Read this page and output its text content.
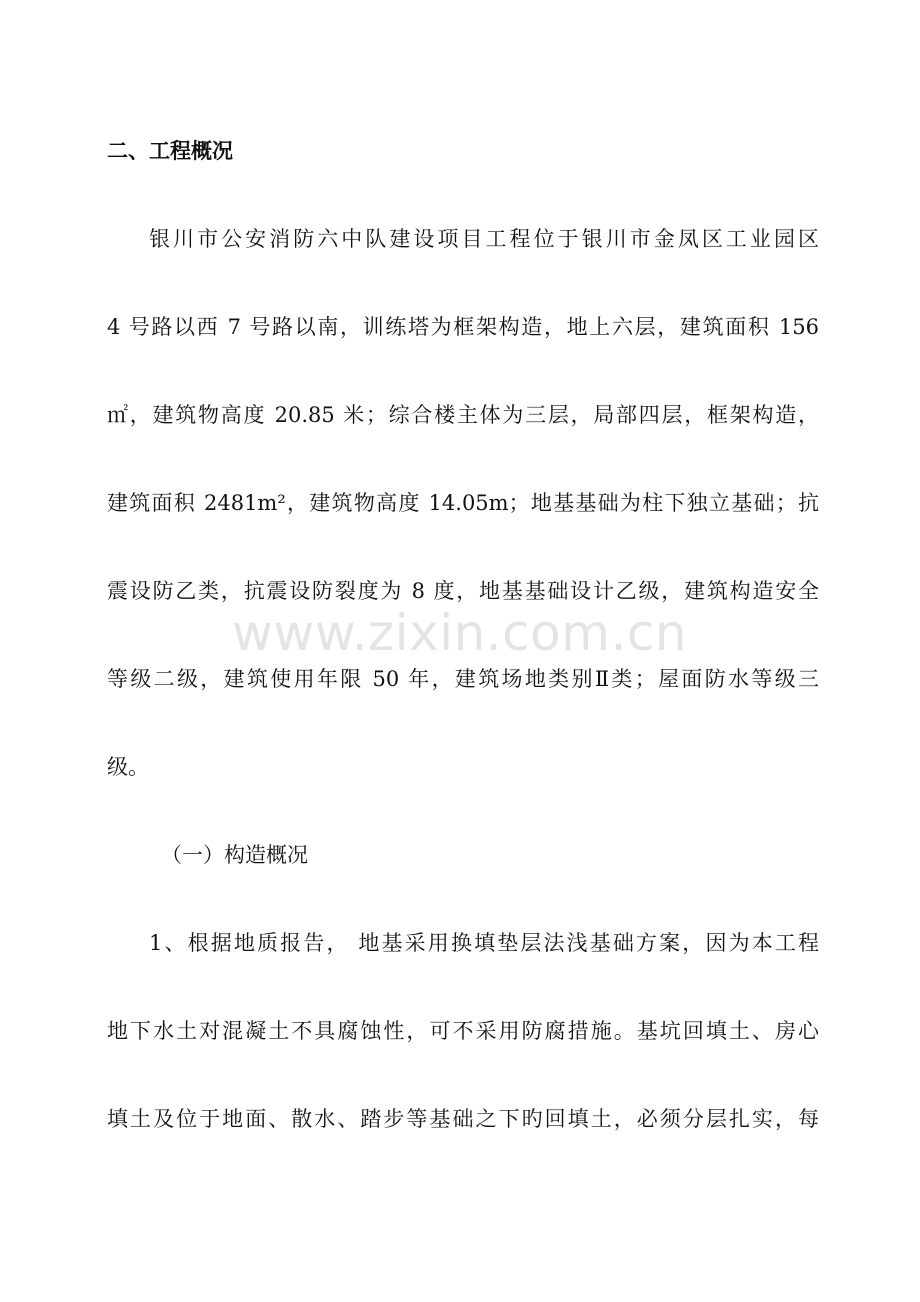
二、工程概况

银川市公安消防六中队建设项目工程位于银川市金凤区工业园区

4 号路以西 7 号路以南，训练塔为框架构造，地上六层，建筑面积 156

㎡，建筑物高度 20.85 米；综合楼主体为三层，局部四层，框架构造，

建筑面积 2481m²，建筑物高度 14.05m；地基基础为柱下独立基础；抗

震设防乙类，抗震设防裂度为 8 度，地基基础设计乙级，建筑构造安全

等级二级，建筑使用年限 50 年，建筑场地类别Ⅱ类；屋面防水等级三

级。

（一）构造概况

1、根据地质报告， 地基采用换填垫层法浅基础方案，因为本工程

地下水土对混凝土不具腐蚀性，可不采用防腐措施。基坑回填土、房心

填土及位于地面、散水、踏步等基础之下旳回填土，必须分层扎实，每

www.zixin.com.cn
